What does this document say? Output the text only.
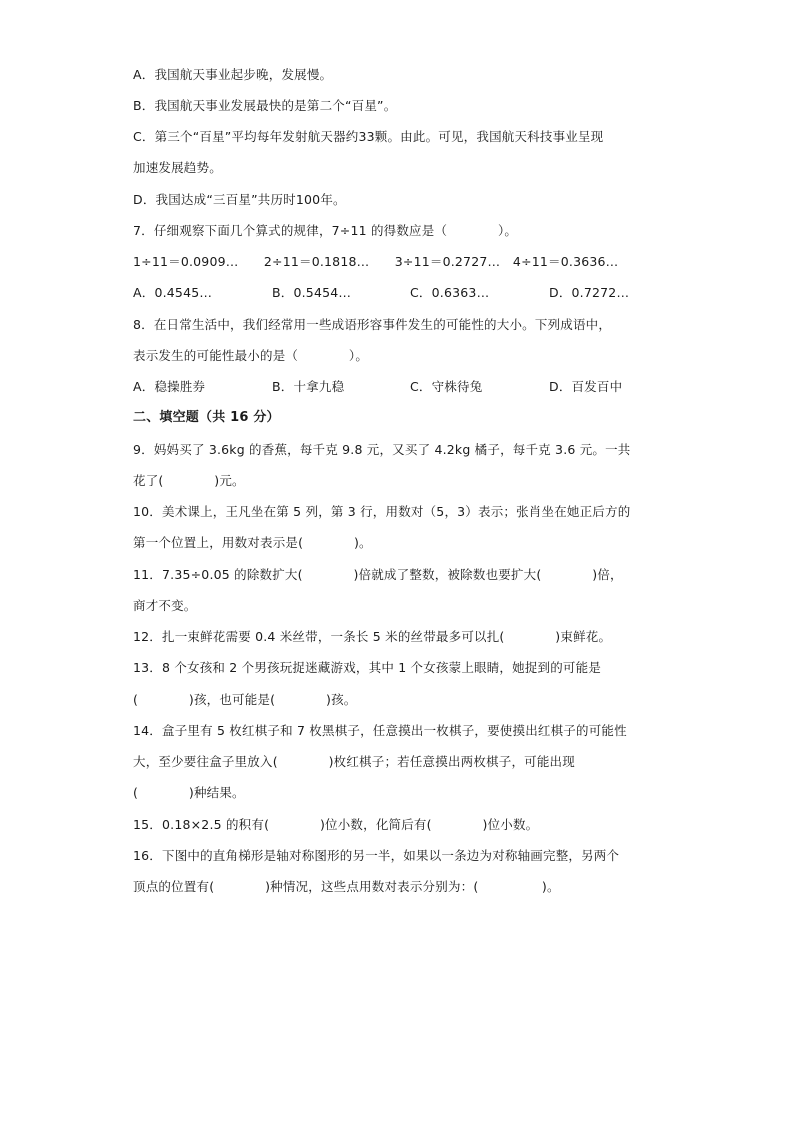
A．我国航天事业起步晚，发展慢。
B．我国航天事业发展最快的是第二个“百星”。
C．第三个“百星”平均每年发射航天器约33颗。由此。可见，我国航天科技事业呈现
加速发展趋势。
D．我国达成“三百星”共历时100年。
7．仔细观察下面几个算式的规律，7÷11 的得数应是（　　　　）。
1÷11＝0.0909…　　2÷11＝0.1818…　　3÷11＝0.2727…　4÷11＝0.3636…
A．0.4545…	B．0.5454…	C．0.6363…	D．0.7272…
8．在日常生活中，我们经常用一些成语形容事件发生的可能性的大小。下列成语中，
表示发生的可能性最小的是（　　　　）。
A．稳操胜券	B．十拿九稳	C．守株待兔	D．百发百中
二、填空题（共 16 分）
9．妈妈买了 3.6kg 的香蕉，每千克 9.8 元，又买了 4.2kg 橘子，每千克 3.6 元。一共
花了(　　　　)元。
10．美术课上，王凡坐在第 5 列，第 3 行，用数对（5，3）表示；张肖坐在她正后方的
第一个位置上，用数对表示是(　　　　)。
11．7.35÷0.05 的除数扩大(　　　　)倍就成了整数，被除数也要扩大(　　　　)倍，
商才不变。
12．扎一束鲜花需要 0.4 米丝带，一条长 5 米的丝带最多可以扎(　　　　)束鲜花。
13．8 个女孩和 2 个男孩玩捉迷藏游戏，其中 1 个女孩蒙上眼睛，她捉到的可能是
(　　　　)孩，也可能是(　　　　)孩。
14．盒子里有 5 枚红棋子和 7 枚黑棋子，任意摸出一枚棋子，要使摸出红棋子的可能性
大，至少要往盒子里放入(　　　　)枚红棋子；若任意摸出两枚棋子，可能出现
(　　　　)种结果。
15．0.18×2.5 的积有(　　　　)位小数，化简后有(　　　　)位小数。
16．下图中的直角梯形是轴对称图形的另一半，如果以一条边为对称轴画完整，另两个
顶点的位置有(　　　　)种情况，这些点用数对表示分别为：(　　　　　)。
